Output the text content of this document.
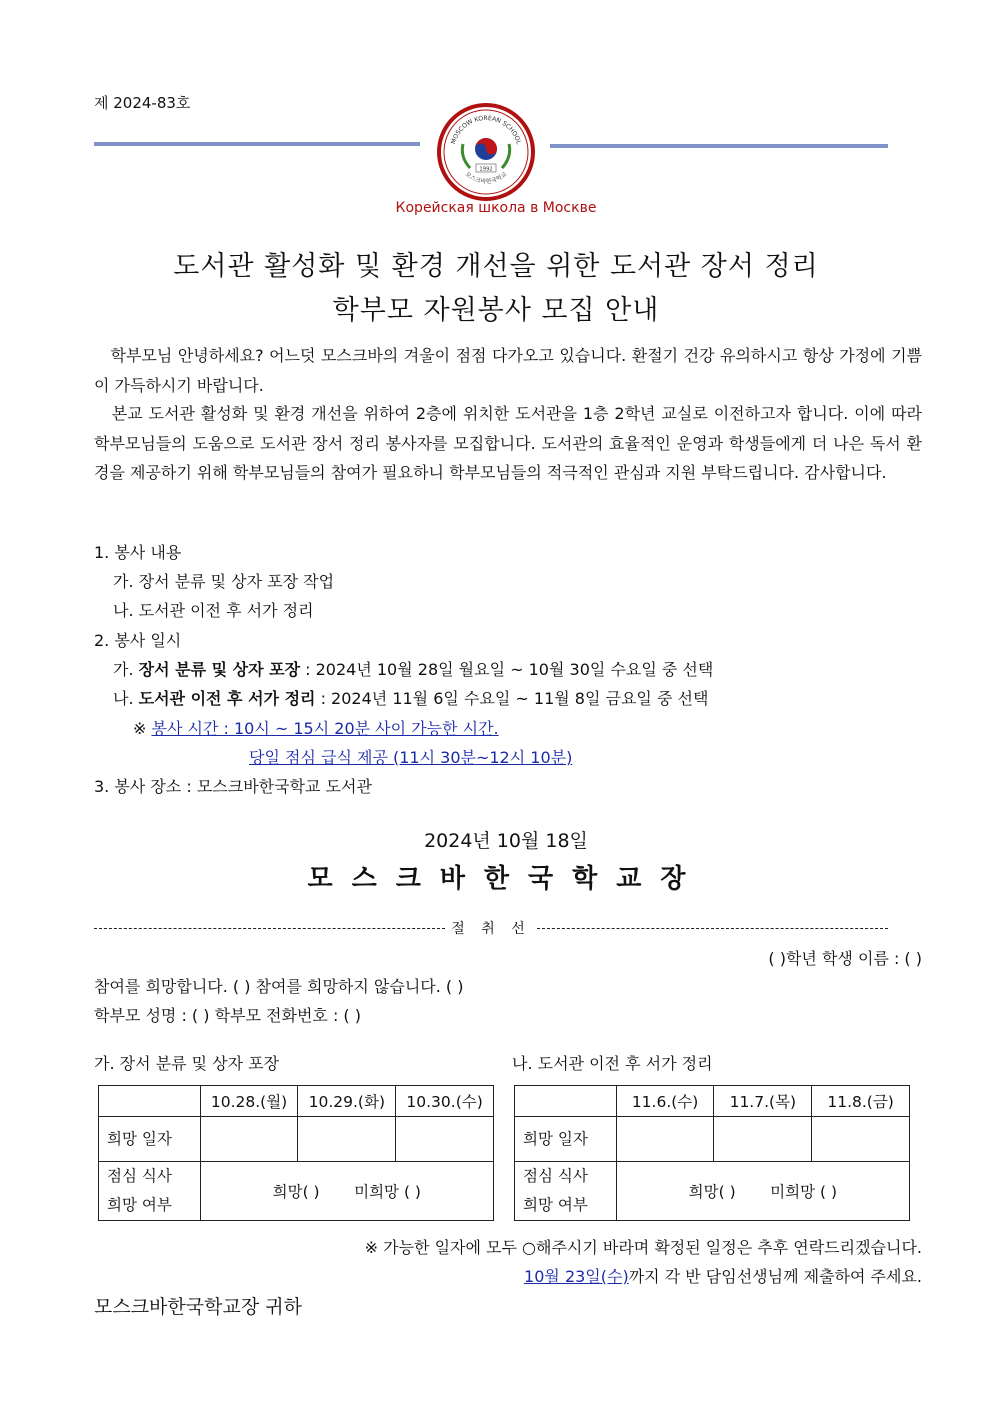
제 2024-83호
MOSCOW KOREAN SCHOOL
모스크바한국학교
1992
Корейская школа в Москве
도서관 활성화 및 환경 개선을 위한 도서관 장서 정리
학부모 자원봉사 모집 안내
학부모님 안녕하세요? 어느덧 모스크바의 겨울이 점점 다가오고 있습니다. 환절기 건강 유의하시고 항상 가정에 기쁨이 가득하시기 바랍니다.
본교 도서관 활성화 및 환경 개선을 위하여 2층에 위치한 도서관을 1층 2학년 교실로 이전하고자 합니다. 이에 따라 학부모님들의 도움으로 도서관 장서 정리 봉사자를 모집합니다. 도서관의 효율적인 운영과 학생들에게 더 나은 독서 환경을 제공하기 위해 학부모님들의 참여가 필요하니 학부모님들의 적극적인 관심과 지원 부탁드립니다. 감사합니다.
1. 봉사 내용
가. 장서 분류 및 상자 포장 작업
나. 도서관 이전 후 서가 정리
2. 봉사 일시
가. 장서 분류 및 상자 포장 : 2024년 10월 28일 월요일 ~ 10월 30일 수요일 중 선택
나. 도서관 이전 후 서가 정리 : 2024년 11월 6일 수요일 ~ 11월 8일 금요일 중 선택
※ 봉사 시간 : 10시 ~ 15시 20분 사이 가능한 시간.
당일 점심 급식 제공 (11시 30분~12시 10분)
3. 봉사 장소 : 모스크바한국학교 도서관
2024년 10월 18일
모스크바한국학교장
절 취 선
( )학년 학생 이름 : ( )
참여를 희망합니다. ( ) 참여를 희망하지 않습니다. ( )
학부모 성명 : ( ) 학부모 전화번호 : ( )
가. 장서 분류 및 상자 포장	나. 도서관 이전 후 서가 정리
	10.28.(월)	10.29.(화)	10.30.(수)
희망 일자			

점심 식사
희망 여부	희망( ) 미희망 ( )		
	11.6.(수)	11.7.(목)	11.8.(금)
희망 일자			

점심 식사
희망 여부	희망( ) 미희망 ( )		
※ 가능한 일자에 모두 ○해주시기 바라며 확정된 일정은 추후 연락드리겠습니다.
10월 23일(수)까지 각 반 담임선생님께 제출하여 주세요.
모스크바한국학교장 귀하
